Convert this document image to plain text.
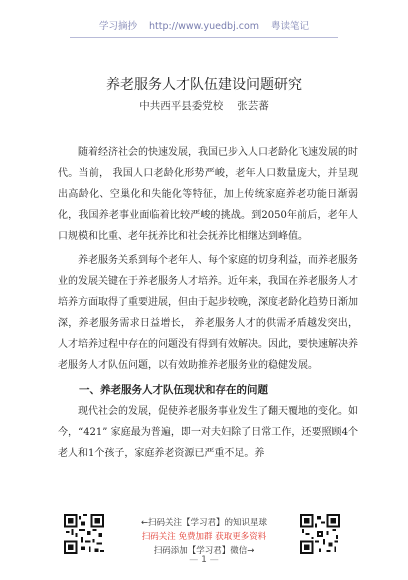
学习摘抄 http://www.yuedbj.com 粤读笔记
养老服务人才队伍建设问题研究
中共西平县委党校 张芸蕃

随着经济社会的快速发展，我国已步入人口老龄化飞速发展的时代。当前， 我国人口老龄化形势严峻，老年人口数量庞大，并呈现出高龄化、空巢化和失能化等特征，加上传统家庭养老功能日渐弱化，我国养老事业面临着比较严峻的挑战。到2050年前后，老年人口规模和比重、老年抚养比和社会抚养比相继达到峰值。

养老服务关系到每个老年人、每个家庭的切身利益，而养老服务业的发展关键在于养老服务人才培养。近年来，我国在养老服务人才培养方面取得了重要进展，但由于起步较晚，深度老龄化趋势日渐加深，养老服务需求日益增长， 养老服务人才的供需矛盾越发突出，人才培养过程中存在的问题没有得到有效解决。因此，要快速解决养老服务人才队伍问题，以有效助推养老服务业的稳健发展。

一、养老服务人才队伍现状和存在的问题

现代社会的发展，促使养老服务事业发生了翻天覆地的变化。如今，“421” 家庭最为普遍，即一对夫妇除了日常工作，还要照顾4个老人和1个孩子，家庭养老资源已严重不足。养

←扫码关注【学习君】的知识星球
扫码关注 免费加群 获取更多资料
扫码添加【学习君】微信→
— 1 —
